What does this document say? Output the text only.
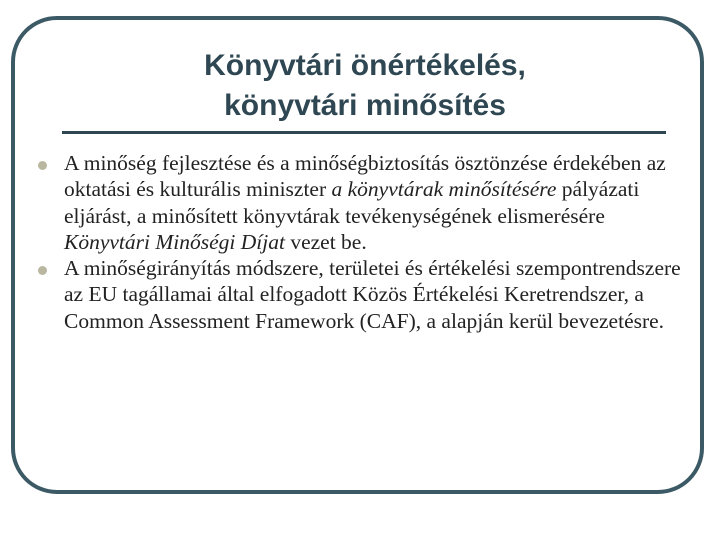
Könyvtári önértékelés,
könyvtári minősítés
A minőség fejlesztése és a minőségbiztosítás ösztönzése érdekében az oktatási és kulturális miniszter a könyvtárak minősítésére pályázati eljárást, a minősített könyvtárak tevékenységének elismerésére Könyvtári Minőségi Díjat vezet be.
A minőségirányítás módszere, területei és értékelési szempontrendszere az EU tagállamai által elfogadott Közös Értékelési Keretrendszer, a Common Assessment Framework (CAF), a alapján kerül bevezetésre.
